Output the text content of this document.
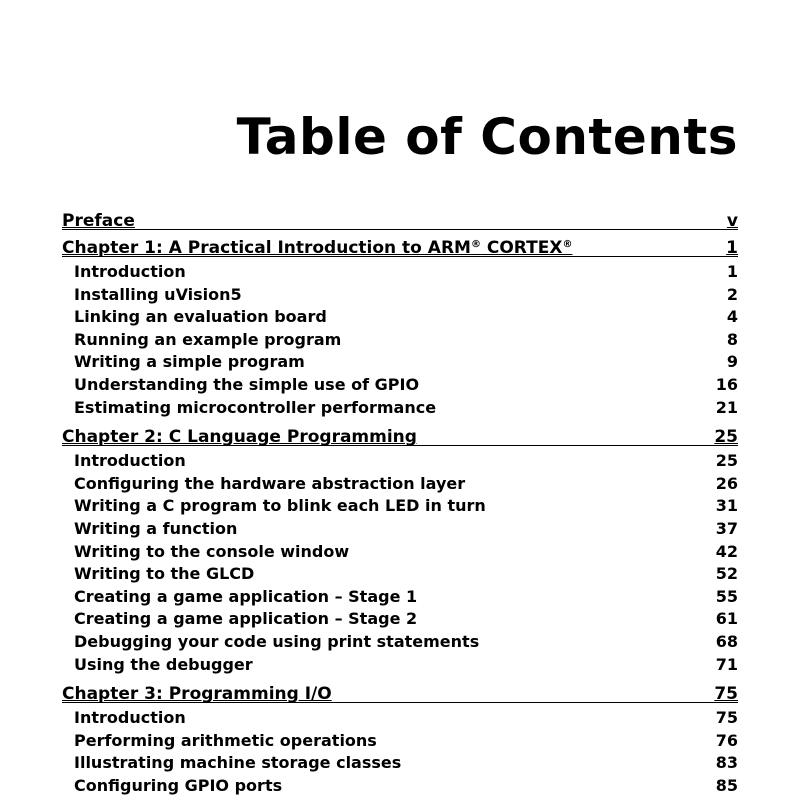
Table of Contents
Preface	v
Chapter 1: A Practical Introduction to ARM® CORTEX®	1
Introduction	1
Installing uVision5	2
Linking an evaluation board	4
Running an example program	8
Writing a simple program	9
Understanding the simple use of GPIO	16
Estimating microcontroller performance	21
Chapter 2: C Language Programming	25
Introduction	25
Configuring the hardware abstraction layer	26
Writing a C program to blink each LED in turn	31
Writing a function	37
Writing to the console window	42
Writing to the GLCD	52
Creating a game application – Stage 1	55
Creating a game application – Stage 2	61
Debugging your code using print statements	68
Using the debugger	71
Chapter 3: Programming I/O	75
Introduction	75
Performing arithmetic operations	76
Illustrating machine storage classes	83
Configuring GPIO ports	85
